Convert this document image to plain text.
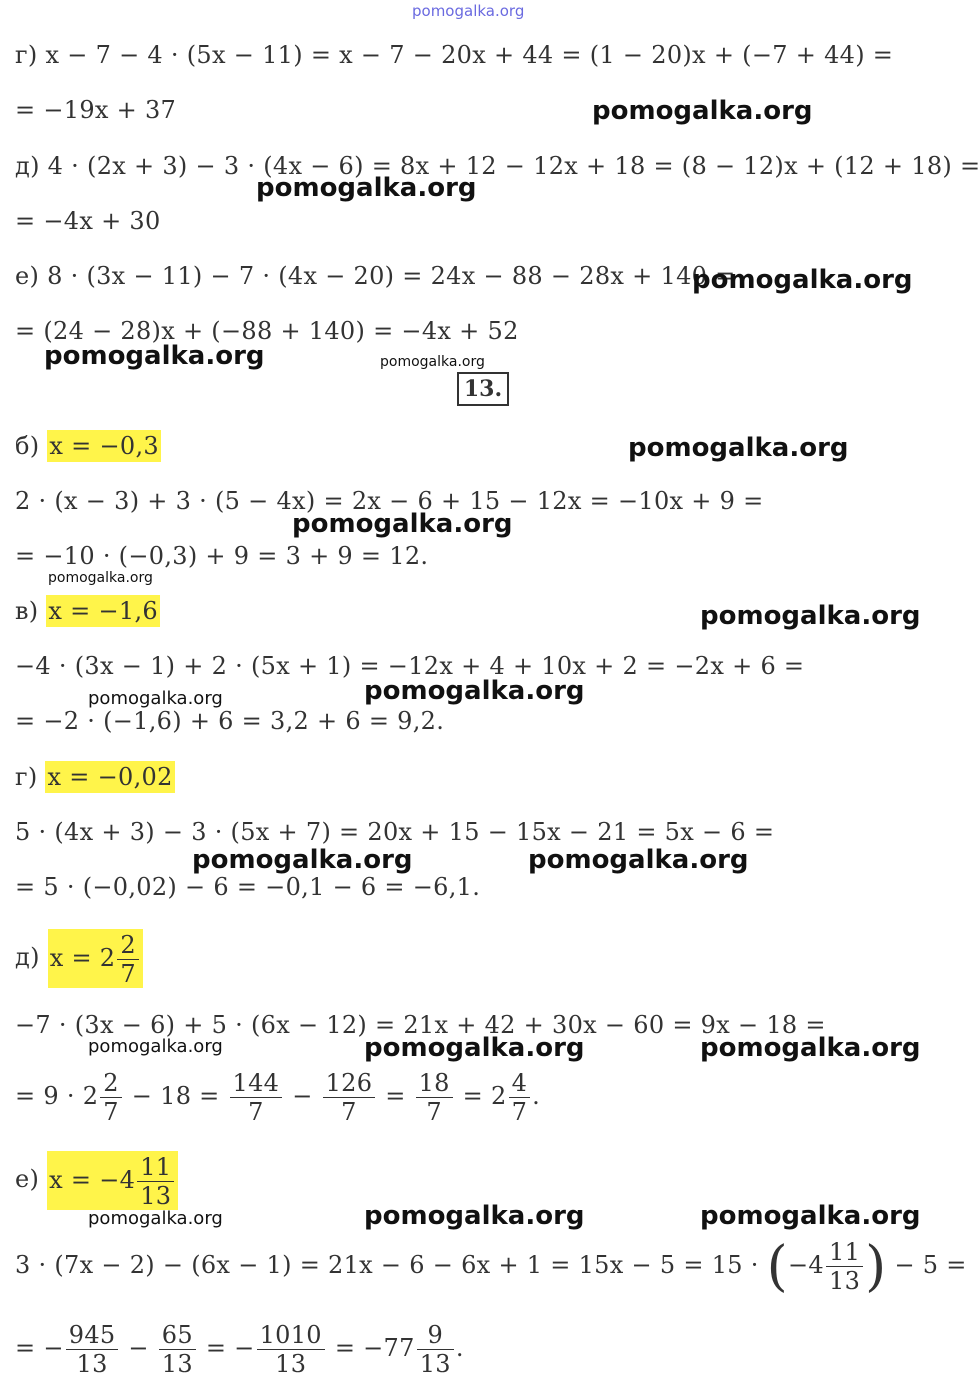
pomogalka.org
г) x − 7 − 4 · (5x − 11) = x − 7 − 20x + 44 = (1 − 20)x + (−7 + 44) =
= −19x + 37
д) 4 · (2x + 3) − 3 · (4x − 6) = 8x + 12 − 12x + 18 = (8 − 12)x + (12 + 18) =
= −4x + 30
е) 8 · (3x − 11) − 7 · (4x − 20) = 24x − 88 − 28x + 140 =
= (24 − 28)x + (−88 + 140) = −4x + 52
13.
б) x = −0,3
2 · (x − 3) + 3 · (5 − 4x) = 2x − 6 + 15 − 12x = −10x + 9 =
= −10 · (−0,3) + 9 = 3 + 9 = 12.
в) x = −1,6
−4 · (3x − 1) + 2 · (5x + 1) = −12x + 4 + 10x + 2 = −2x + 6 =
= −2 · (−1,6) + 6 = 3,2 + 6 = 9,2.
г) x = −0,02
5 · (4x + 3) − 3 · (5x + 7) = 20x + 15 − 15x − 21 = 5x − 6 =
= 5 · (−0,02) − 6 = −0,1 − 6 = −6,1.
д) $x = 2 \frac{2}{7}$
−7 · (3x − 6) + 5 · (6x − 12) = 21x + 42 + 30x − 60 = 9x − 18 =
= $9 \cdot 2 \frac{2}{7} - 18 = \frac{144}{7} - \frac{126}{7} = \frac{18}{7} = 2 \frac{4}{7}$ .
е) $x = -4 \frac{11}{13}$
$3 \cdot (7x - 2) - (6x - 1) = 21x - 6 - 6x + 1 = 15x - 5 = 15 \cdot (-4 \frac{11}{13}$ ) − 5 =
= − $\frac{945}{13} - \frac{65}{13}$ = − $\frac{1010}{13} = -77 \frac{9}{13}$ .
pomogalka.org
pomogalka.org
pomogalka.org
pomogalka.org	pomogalka.org
pomogalka.org
pomogalka.org
pomogalka.org
pomogalka.org
pomogalka.org
pomogalka.org
pomogalka.org	pomogalka.org
pomogalka.org	pomogalka.org	pomogalka.org
pomogalka.org	pomogalka.org	pomogalka.org
